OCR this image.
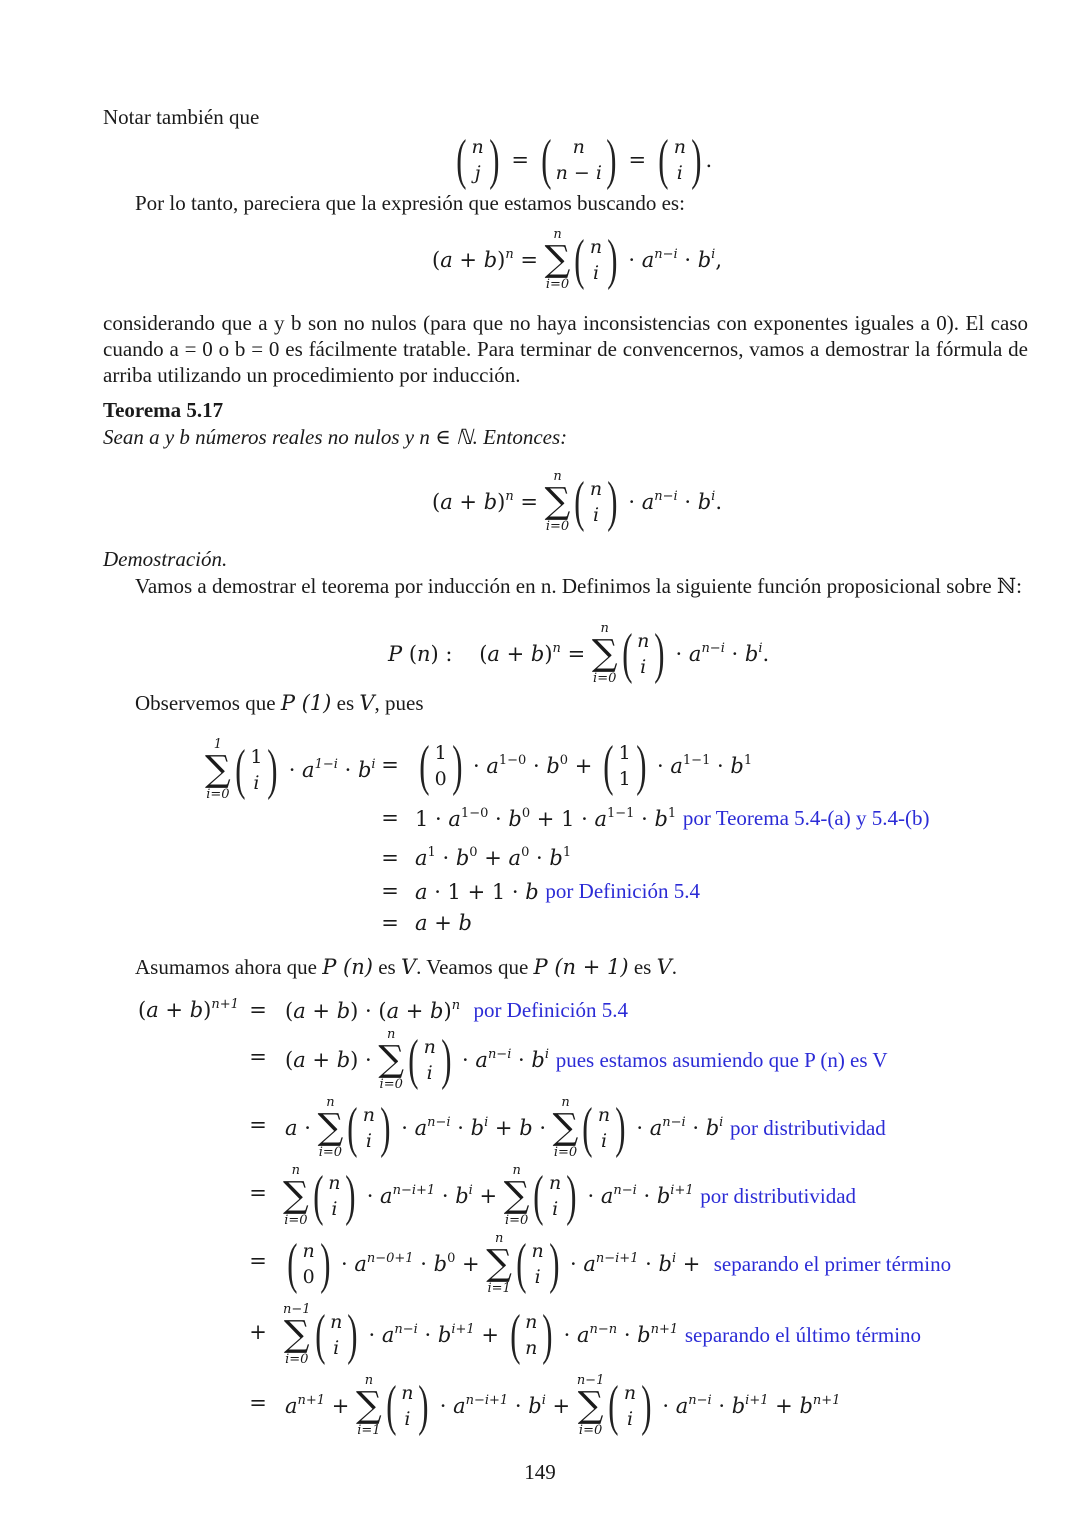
Notar también que
( n
j ) = ( n
n − i ) = ( n
i ) .
Por lo tanto, pareciera que la expresión que estamos buscando es:
$(a + b)^n$ =
n
∑
i=0 ( n
i ) · $a^{n-i} \cdot b^i$,
considerando que a y b son no nulos (para que no haya inconsistencias con exponentes iguales a 0). El caso cuando a = 0 o b = 0 es fácilmente tratable. Para terminar de convencernos, vamos a demostrar la fórmula de arriba utilizando un procedimiento por inducción.
Teorema 5.17
Sean a y b números reales no nulos y n ∈ ℕ. Entonces:
$(a + b)^n$ =
n
∑
i=0 ( n
i ) · $a^{n-i} \cdot b^i$.
Demostración.
Vamos a demostrar el teorema por inducción en n. Definimos la siguiente función proposicional sobre ℕ:
P (n) :    $(a + b)^n$ =
n
∑
i=0 ( n
i ) · $a^{n-i} \cdot b^i$.
Observemos que P (1) es V, pues
1
∑
i=0 ( 1
i ) · $a^{1-i} \cdot b^i$ = ( 1
0 ) · $a^{1-0} \cdot b^0$ + ( 1
1 ) · $a^{1-1} \cdot b^1$
= $1 \cdot a^{1-0} \cdot b^0 + 1 \cdot a^{1-1} \cdot b^1$ por Teorema 5.4-(a) y 5.4-(b)
= $a^1 \cdot b^0 + a^0 \cdot b^1$
= a · 1 + 1 · b por Definición 5.4
= a + b
Asumamos ahora que P (n) es V. Veamos que P (n + 1) es V.
$(a + b)^{n+1} = (a + b) \cdot (a + b)^n$ por Definición 5.4
= (a + b) ·
n
∑
i=0 ( n
i ) · $a^{n-i} \cdot b^i$ pues estamos asumiendo que P (n) es V
= a ·
n
∑
i=0 ( n
i ) · $a^{n-i} \cdot b^i + b$ ·
n
∑
i=0 ( n
i ) · $a^{n-i} \cdot b^i$ por distributividad
=
n
∑
i=0 ( n
i ) · $a^{n-i+1} \cdot b^i$ +
n
∑
i=0 ( n
i ) · $a^{n-i} \cdot b^{i+1}$ por distributividad
= ( n
0 ) · $a^{n-0+1} \cdot b^0$ +
n
∑
i=1 ( n
i ) · $a^{n-i+1} \cdot b^i$ + separando el primer término
+
n−1
∑
i=0 ( n
i ) · $a^{n-i} \cdot b^{i+1}$ + ( n
n ) · $a^{n-n} \cdot b^{n+1}$ separando el último término
= $a^{n+1}$ +
n
∑
i=1 ( n
i ) · $a^{n-i+1} \cdot b^i$ +
n−1
∑
i=0 ( n
i ) · $a^{n-i} \cdot b^{i+1} + b^{n+1}$
149
